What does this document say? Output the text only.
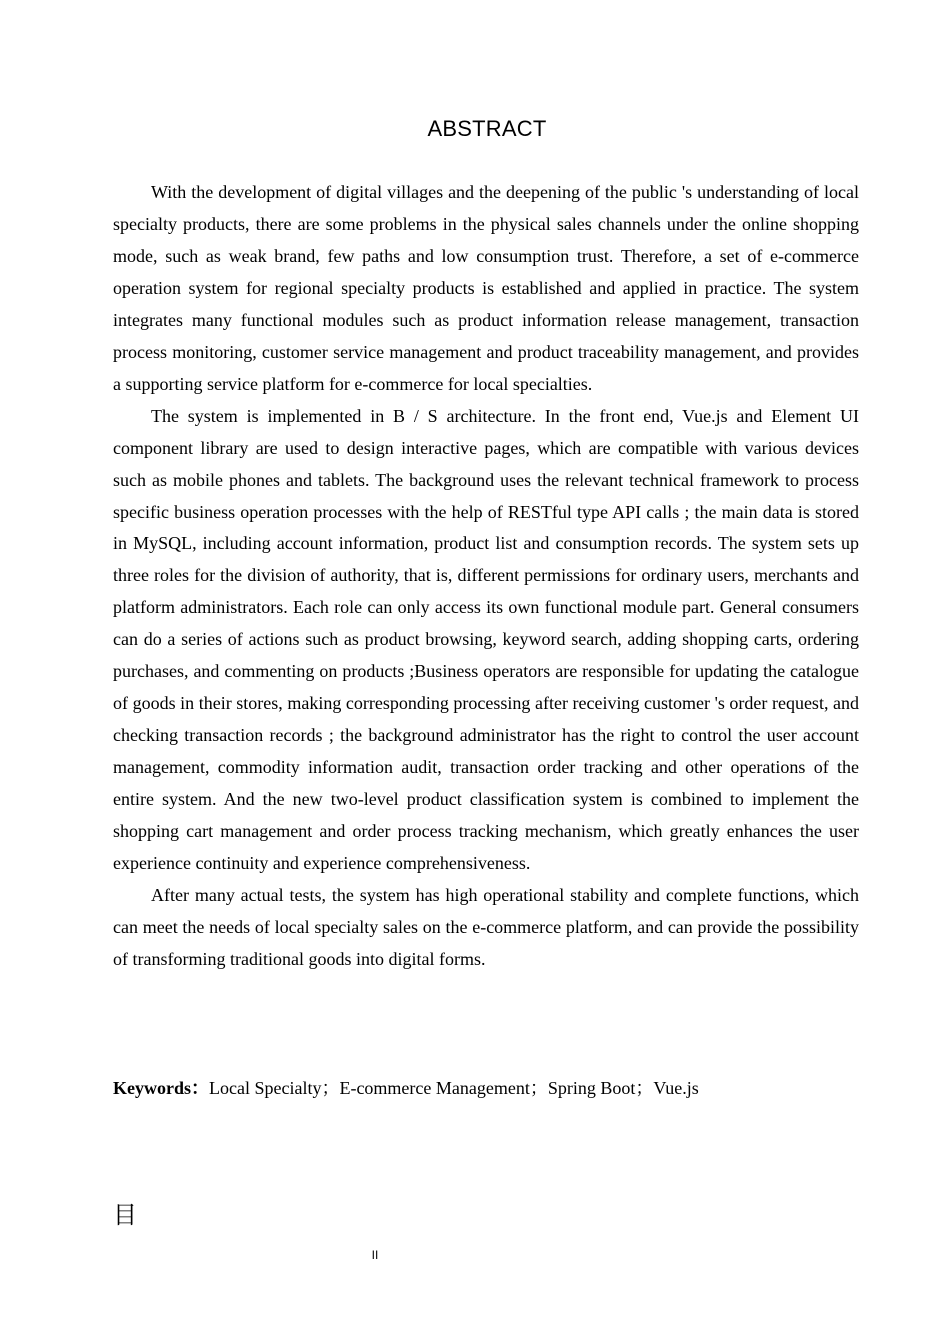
ABSTRACT

With the development of digital villages and the deepening of the public 's understanding of local specialty products, there are some problems in the physical sales channels under the online shopping mode, such as weak brand, few paths and low consumption trust. Therefore, a set of e-commerce operation system for regional specialty products is established and applied in practice. The system integrates many functional modules such as product information release management, transaction process monitoring, customer service management and product traceability management, and provides a supporting service platform for e-commerce for local specialties.

The system is implemented in B / S architecture. In the front end, Vue.js and Element UI component library are used to design interactive pages, which are compatible with various devices such as mobile phones and tablets. The background uses the relevant technical framework to process specific business operation processes with the help of RESTful type API calls ; the main data is stored in MySQL, including account information, product list and consumption records. The system sets up three roles for the division of authority, that is, different permissions for ordinary users, merchants and platform administrators. Each role can only access its own functional module part. General consumers can do a series of actions such as product browsing, keyword search, adding shopping carts, ordering purchases, and commenting on products ;Business operators are responsible for updating the catalogue of goods in their stores, making corresponding processing after receiving customer 's order request, and checking transaction records ; the background administrator has the right to control the user account management, commodity information audit, transaction order tracking and other operations of the entire system. And the new two-level product classification system is combined to implement the shopping cart management and order process tracking mechanism, which greatly enhances the user experience continuity and experience comprehensiveness.

After many actual tests, the system has high operational stability and complete functions, which can meet the needs of local specialty sales on the e-commerce platform, and can provide the possibility of transforming traditional goods into digital forms.

Keywords：Local Specialty；E-commerce Management；Spring Boot；Vue.js
目
II
